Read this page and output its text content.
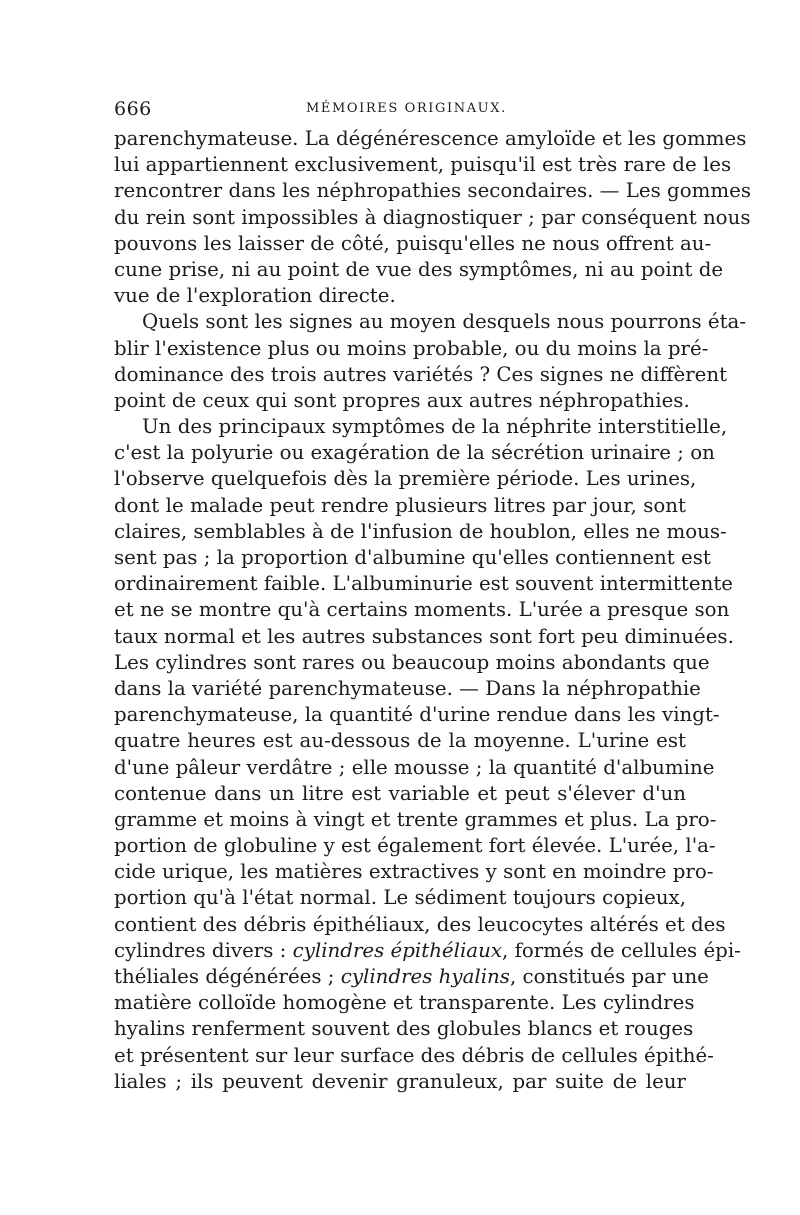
666	MÉMOIRES ORIGINAUX.
parenchymateuse. La dégénérescence amyloïde et les gommes
lui appartiennent exclusivement, puisqu'il est très rare de les
rencontrer dans les néphropathies secondaires. — Les gommes
du rein sont impossibles à diagnostiquer ; par conséquent nous
pouvons les laisser de côté, puisqu'elles ne nous offrent au-
cune prise, ni au point de vue des symptômes, ni au point de
vue de l'exploration directe.
Quels sont les signes au moyen desquels nous pourrons éta-
blir l'existence plus ou moins probable, ou du moins la pré-
dominance des trois autres variétés ? Ces signes ne diffèrent
point de ceux qui sont propres aux autres néphropathies.
Un des principaux symptômes de la néphrite interstitielle,
c'est la polyurie ou exagération de la sécrétion urinaire ; on
l'observe quelquefois dès la première période. Les urines,
dont le malade peut rendre plusieurs litres par jour, sont
claires, semblables à de l'infusion de houblon, elles ne mous-
sent pas ; la proportion d'albumine qu'elles contiennent est
ordinairement faible. L'albuminurie est souvent intermittente
et ne se montre qu'à certains moments. L'urée a presque son
taux normal et les autres substances sont fort peu diminuées.
Les cylindres sont rares ou beaucoup moins abondants que
dans la variété parenchymateuse. — Dans la néphropathie
parenchymateuse, la quantité d'urine rendue dans les vingt-
quatre heures est au-dessous de la moyenne. L'urine est
d'une pâleur verdâtre ; elle mousse ; la quantité d'albumine
contenue dans un litre est variable et peut s'élever d'un
gramme et moins à vingt et trente grammes et plus. La pro-
portion de globuline y est également fort élevée. L'urée, l'a-
cide urique, les matières extractives y sont en moindre pro-
portion qu'à l'état normal. Le sédiment toujours copieux,
contient des débris épithéliaux, des leucocytes altérés et des
cylindres divers : cylindres épithéliaux, formés de cellules épi-
théliales dégénérées ; cylindres hyalins, constitués par une
matière colloïde homogène et transparente. Les cylindres
hyalins renferment souvent des globules blancs et rouges
et présentent sur leur surface des débris de cellules épithé-
liales ; ils peuvent devenir granuleux, par suite de leur
